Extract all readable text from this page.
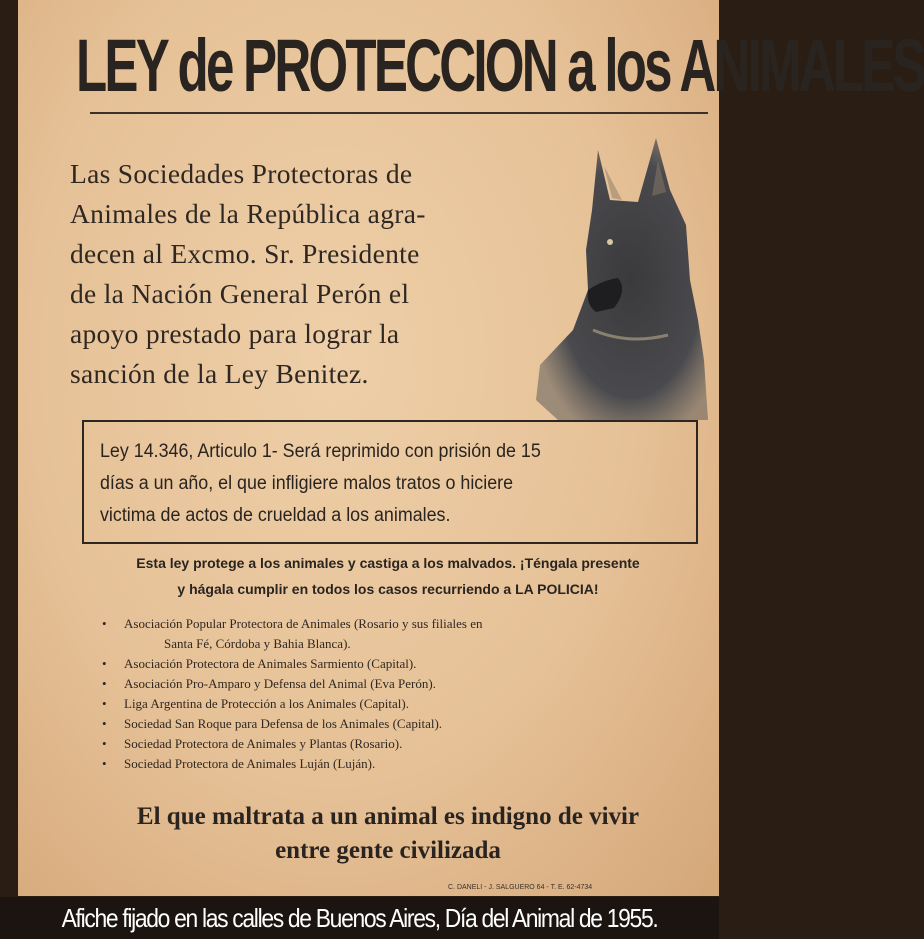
LEY de PROTECCION a los ANIMALES
Las Sociedades Protectoras de
Animales de la República agra-
decen al Excmo. Sr. Presidente
de la Nación General Perón el
apoyo prestado para lograr la
sanción de la Ley Benitez.
Ley 14.346, Articulo 1- Será reprimido con prisión de 15
días a un año, el que infligiere malos tratos o hiciere
victima de actos de crueldad a los animales.
Esta ley protege a los animales y castiga a los malvados. ¡Téngala presente
y hágala cumplir en todos los casos recurriendo a LA POLICIA!
• Asociación Popular Protectora de Animales (Rosario y sus filiales en
Santa Fé, Córdoba y Bahia Blanca).
• Asociación Protectora de Animales Sarmiento (Capital).
• Asociación Pro-Amparo y Defensa del Animal (Eva Perón).
• Liga Argentina de Protección a los Animales (Capital).
• Sociedad San Roque para Defensa de los Animales (Capital).
• Sociedad Protectora de Animales y Plantas (Rosario).
• Sociedad Protectora de Animales Luján (Luján).
El que maltrata a un animal es indigno de vivir
entre gente civilizada
C. DANELI - J. SALGUERO 64 - T. E. 62-4734
Afiche fijado en las calles de Buenos Aires, Día del Animal de 1955.
